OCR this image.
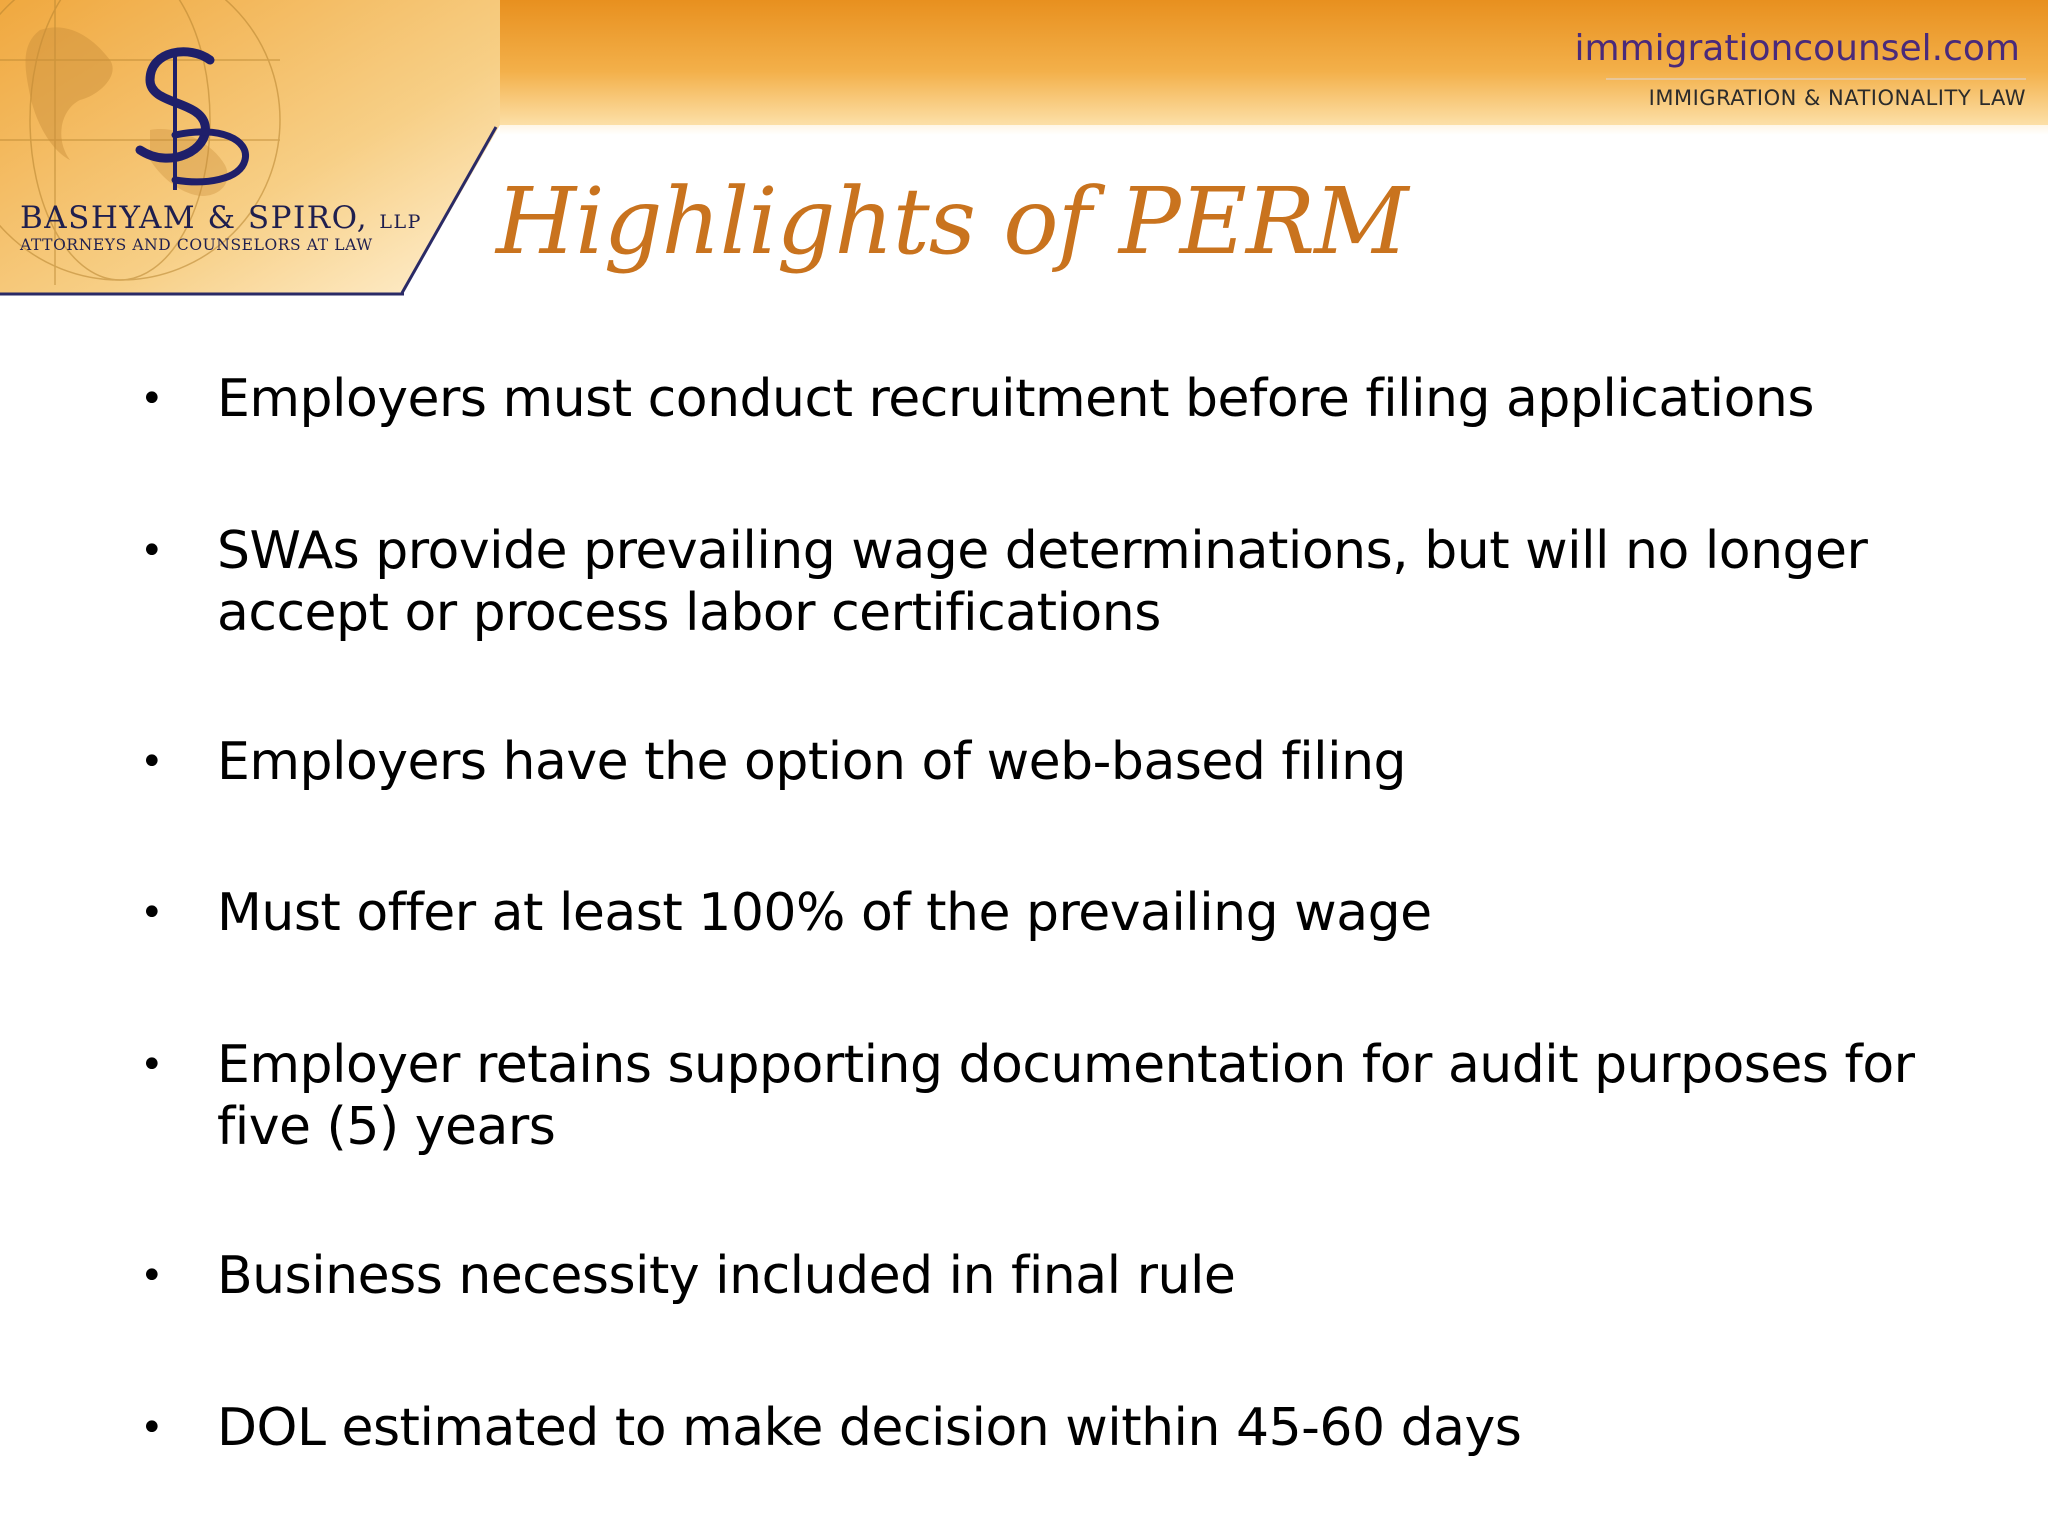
BASHYAM & SPIRO, LLP
ATTORNEYS AND COUNSELORS AT LAW
immigrationcounsel.com
IMMIGRATION & NATIONALITY LAW
Highlights of PERM
• Employers must conduct recruitment before filing applications
• SWAs provide prevailing wage determinations, but will no longer accept or process labor certifications
• Employers have the option of web-based filing
• Must offer at least 100% of the prevailing wage
• Employer retains supporting documentation for audit purposes for five (5) years
• Business necessity included in final rule
• DOL estimated to make decision within 45-60 days
